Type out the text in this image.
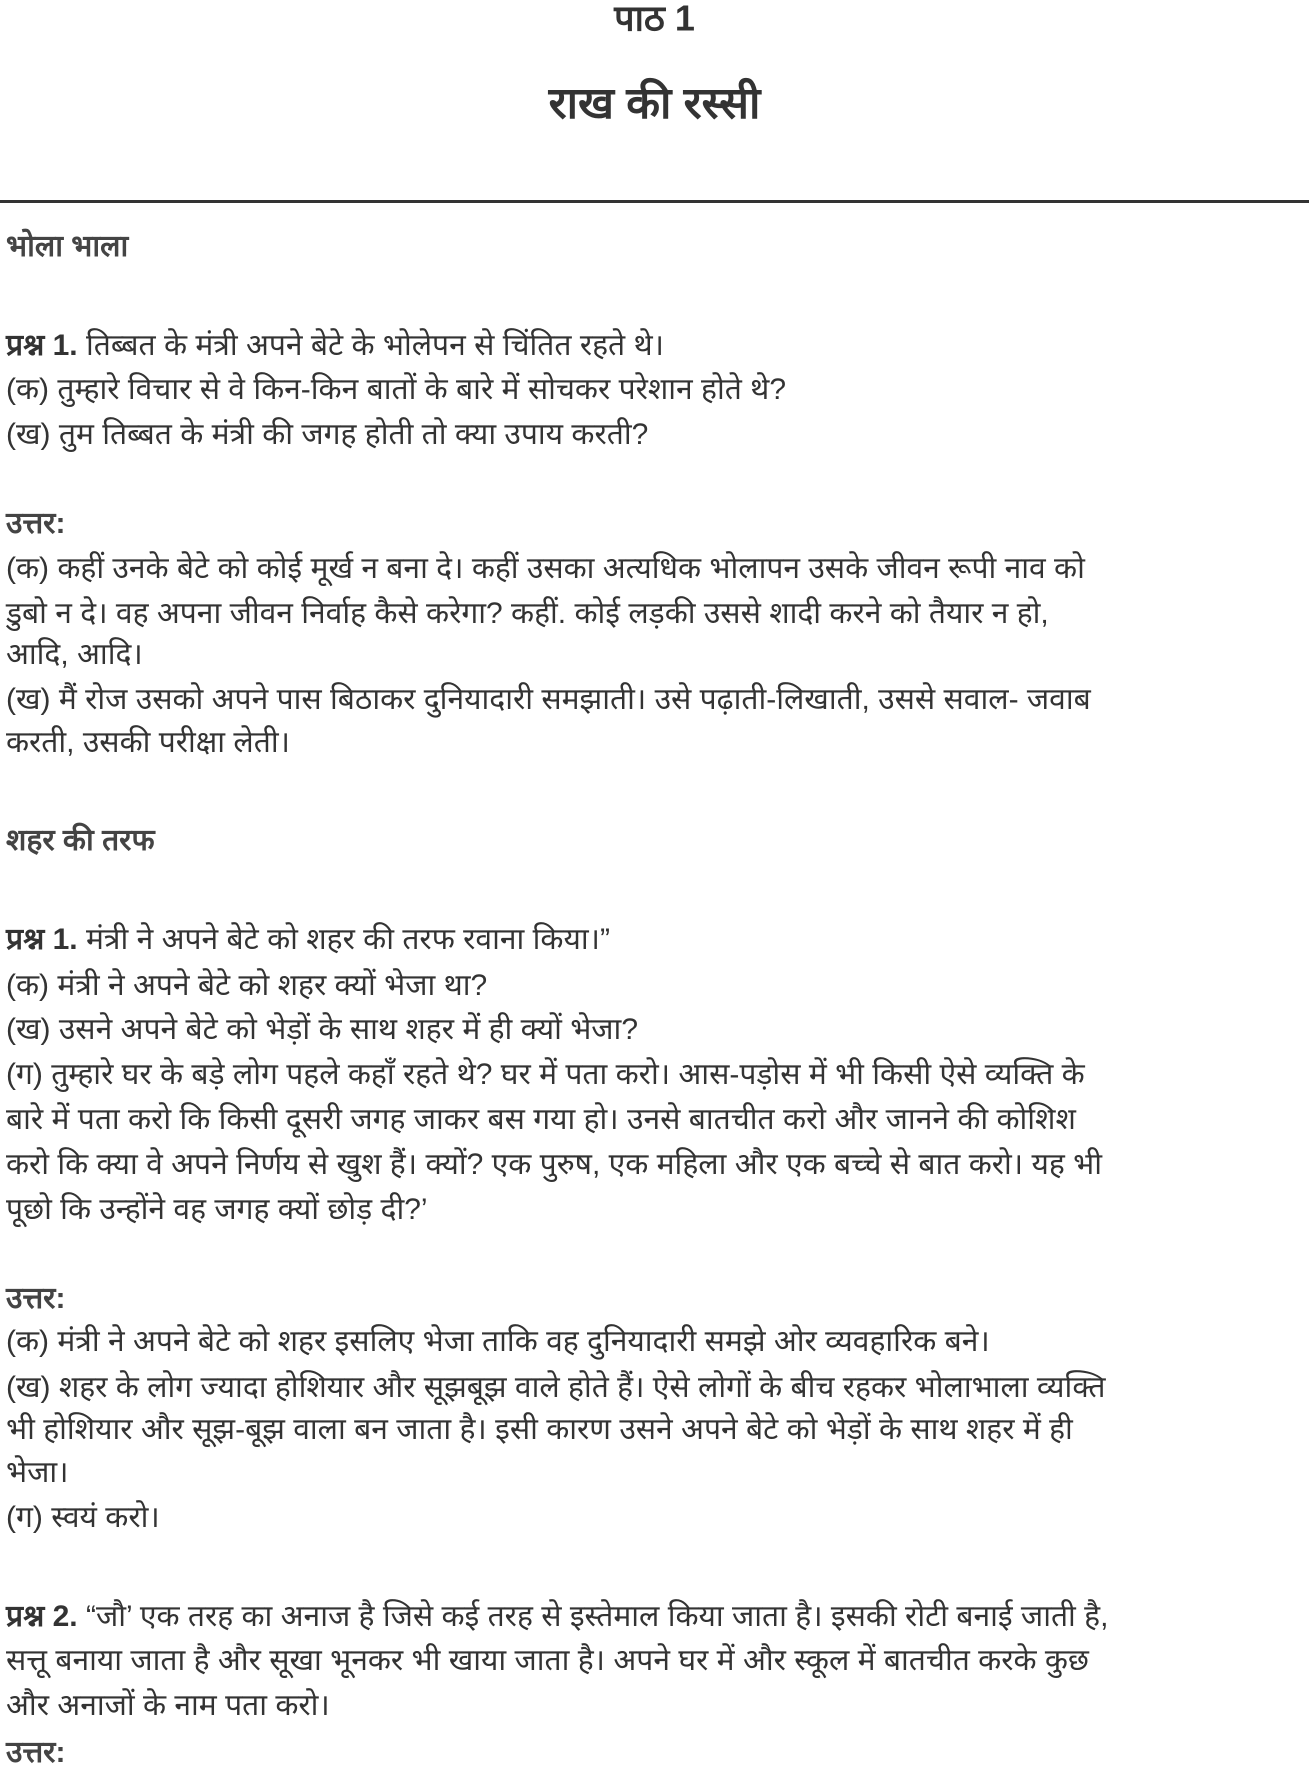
पाठ 1
राख की रस्सी
भोला भाला
प्रश्न 1. तिब्बत के मंत्री अपने बेटे के भोलेपन से चिंतित रहते थे।
(क) तुम्हारे विचार से वे किन-किन बातों के बारे में सोचकर परेशान होते थे?
(ख) तुम तिब्बत के मंत्री की जगह होती तो क्या उपाय करती?
उत्तर:
(क) कहीं उनके बेटे को कोई मूर्ख न बना दे। कहीं उसका अत्यधिक भोलापन उसके जीवन रूपी नाव को
डुबो न दे। वह अपना जीवन निर्वाह कैसे करेगा? कहीं. कोई लड़की उससे शादी करने को तैयार न हो,
आदि, आदि।
(ख) मैं रोज उसको अपने पास बिठाकर दुनियादारी समझाती। उसे पढ़ाती-लिखाती, उससे सवाल- जवाब
करती, उसकी परीक्षा लेती।
शहर की तरफ
प्रश्न 1. मंत्री ने अपने बेटे को शहर की तरफ रवाना किया।”
(क) मंत्री ने अपने बेटे को शहर क्यों भेजा था?
(ख) उसने अपने बेटे को भेड़ों के साथ शहर में ही क्यों भेजा?
(ग) तुम्हारे घर के बड़े लोग पहले कहाँ रहते थे? घर में पता करो। आस-पड़ोस में भी किसी ऐसे व्यक्ति के
बारे में पता करो कि किसी दूसरी जगह जाकर बस गया हो। उनसे बातचीत करो और जानने की कोशिश
करो कि क्या वे अपने निर्णय से खुश हैं। क्यों? एक पुरुष, एक महिला और एक बच्चे से बात करो। यह भी
पूछो कि उन्होंने वह जगह क्यों छोड़ दी?’
उत्तर:
(क) मंत्री ने अपने बेटे को शहर इसलिए भेजा ताकि वह दुनियादारी समझे ओर व्यवहारिक बने।
(ख) शहर के लोग ज्यादा होशियार और सूझबूझ वाले होते हैं। ऐसे लोगों के बीच रहकर भोलाभाला व्यक्ति
भी होशियार और सूझ-बूझ वाला बन जाता है। इसी कारण उसने अपने बेटे को भेड़ों के साथ शहर में ही
भेजा।
(ग) स्वयं करो।
प्रश्न 2. “जौ’ एक तरह का अनाज है जिसे कई तरह से इस्तेमाल किया जाता है। इसकी रोटी बनाई जाती है,
सत्तू बनाया जाता है और सूखा भूनकर भी खाया जाता है। अपने घर में और स्कूल में बातचीत करके कुछ
और अनाजों के नाम पता करो।
उत्तर:
